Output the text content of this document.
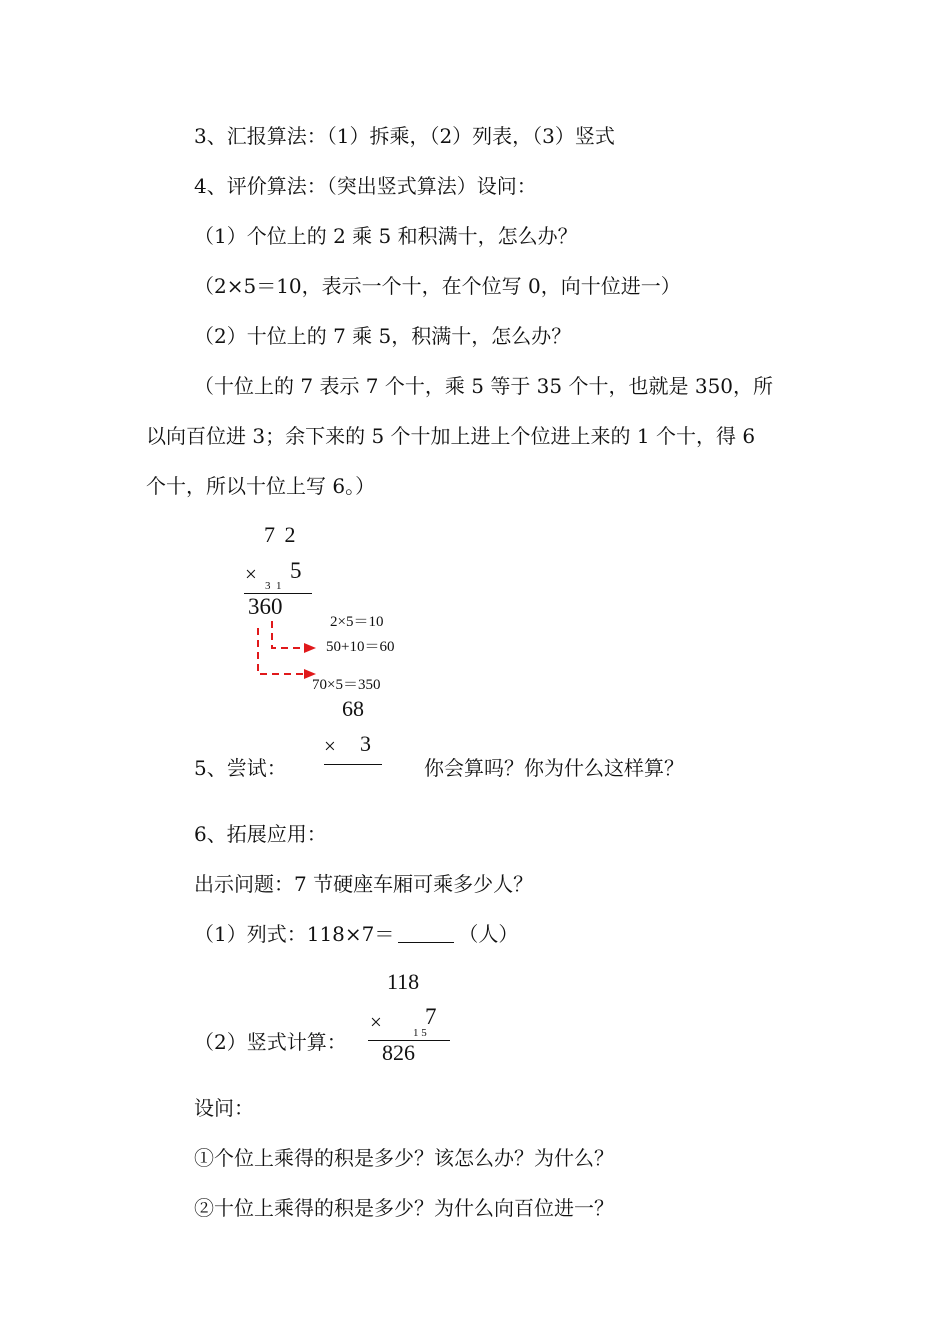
3、汇报算法：（1）拆乘，（2）列表，（3）竖式
4、评价算法：（突出竖式算法）设问：
（1）个位上的 2 乘 5 和积满十，怎么办？
（2×5＝10，表示一个十，在个位写 0，向十位进一）
（2）十位上的 7 乘 5，积满十，怎么办？
（十位上的 7 表示 7 个十，乘 5 等于 35 个十，也就是 350，所
以向百位进 3；余下来的 5 个十加上进上个位进上来的 1 个十，得 6
个十，所以十位上写 6。）
7 2
× 5
3  1
360
2×5＝10
50+10＝60
70×5＝350
68
× 3
5、尝试：	你会算吗？你为什么这样算？
6、拓展应用：
出示问题：7 节硬座车厢可乘多少人？
（1）列式：118×7＝	（人）
118
× 7
1 5
826
（2）竖式计算：
设问：
①个位上乘得的积是多少？该怎么办？为什么？
②十位上乘得的积是多少？为什么向百位进一？
